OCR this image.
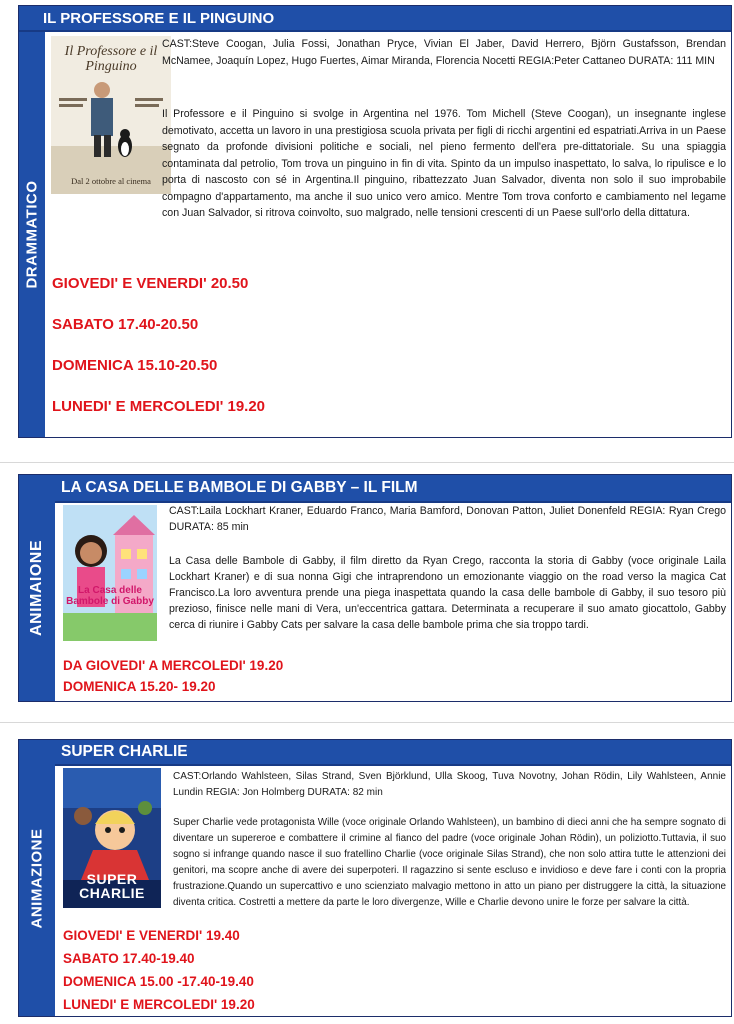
IL PROFESSORE E IL PINGUINO
DRAMMATICO
Il Professore e il Pinguino
Dal 2 ottobre al cinema
CAST:Steve Coogan, Julia Fossi, Jonathan Pryce, Vivian El Jaber, David Herrero, Björn Gustafsson, Brendan McNamee, Joaquín Lopez, Hugo Fuertes, Aimar Miranda, Florencia Nocetti REGIA:Peter Cattaneo DURATA: 111 MIN
Il Professore e il Pinguino si svolge in Argentina nel 1976. Tom Michell (Steve Coogan), un insegnante inglese demotivato, accetta un lavoro in una prestigiosa scuola privata per figli di ricchi argentini ed espatriati.Arriva in un Paese segnato da profonde divisioni politiche e sociali, nel pieno fermento dell'era pre-dittatoriale. Su una spiaggia contaminata dal petrolio, Tom trova un pinguino in fin di vita. Spinto da un impulso inaspettato, lo salva, lo ripulisce e lo porta di nascosto con sé in Argentina.Il pinguino, ribattezzato Juan Salvador, diventa non solo il suo improbabile compagno d'appartamento, ma anche il suo unico vero amico. Mentre Tom trova conforto e cambiamento nel legame con Juan Salvador, si ritrova coinvolto, suo malgrado, nelle tensioni crescenti di un Paese sull'orlo della dittatura.
GIOVEDI' E VENERDI' 20.50
SABATO 17.40-20.50
DOMENICA 15.10-20.50
LUNEDI' E MERCOLEDI' 19.20
LA CASA DELLE BAMBOLE DI GABBY – IL FILM
ANIMAIONE	La Casa delle Bambole di Gabby
CAST:Laila Lockhart Kraner, Eduardo Franco, Maria Bamford, Donovan Patton, Juliet Donenfeld REGIA: Ryan Crego DURATA: 85 min
La Casa delle Bambole di Gabby, il film diretto da Ryan Crego, racconta la storia di Gabby (voce originale Laila Lockhart Kraner) e di sua nonna Gigi che intraprendono un emozionante viaggio on the road verso la magica Cat Francisco.La loro avventura prende una piega inaspettata quando la casa delle bambole di Gabby, il suo tesoro più prezioso, finisce nelle mani di Vera, un'eccentrica gattara. Determinata a recuperare il suo amato giocattolo, Gabby cerca di riunire i Gabby Cats per salvare la casa delle bambole prima che sia troppo tardi.
DA GIOVEDI' A MERCOLEDI' 19.20
DOMENICA 15.20- 19.20
SUPER CHARLIE
ANIMAZIONE	SUPER CHARLIE
CAST:Orlando Wahlsteen, Silas Strand, Sven Björklund, Ulla Skoog, Tuva Novotny, Johan Rödin, Lily Wahlsteen, Annie Lundin REGIA: Jon Holmberg DURATA: 82 min
Super Charlie vede protagonista Wille (voce originale Orlando Wahlsteen), un bambino di dieci anni che ha sempre sognato di diventare un supereroe e combattere il crimine al fianco del padre (voce originale Johan Rödin), un poliziotto.Tuttavia, il suo sogno si infrange quando nasce il suo fratellino Charlie (voce originale Silas Strand), che non solo attira tutte le attenzioni dei genitori, ma scopre anche di avere dei superpoteri. Il ragazzino si sente escluso e invidioso e deve fare i conti con la propria frustrazione.Quando un supercattivo e uno scienziato malvagio mettono in atto un piano per distruggere la città, la situazione diventa critica. Costretti a mettere da parte le loro divergenze, Wille e Charlie devono unire le forze per salvare la città.
GIOVEDI' E VENERDI' 19.40
SABATO 17.40-19.40
DOMENICA 15.00 -17.40-19.40
LUNEDI' E MERCOLEDI' 19.20
